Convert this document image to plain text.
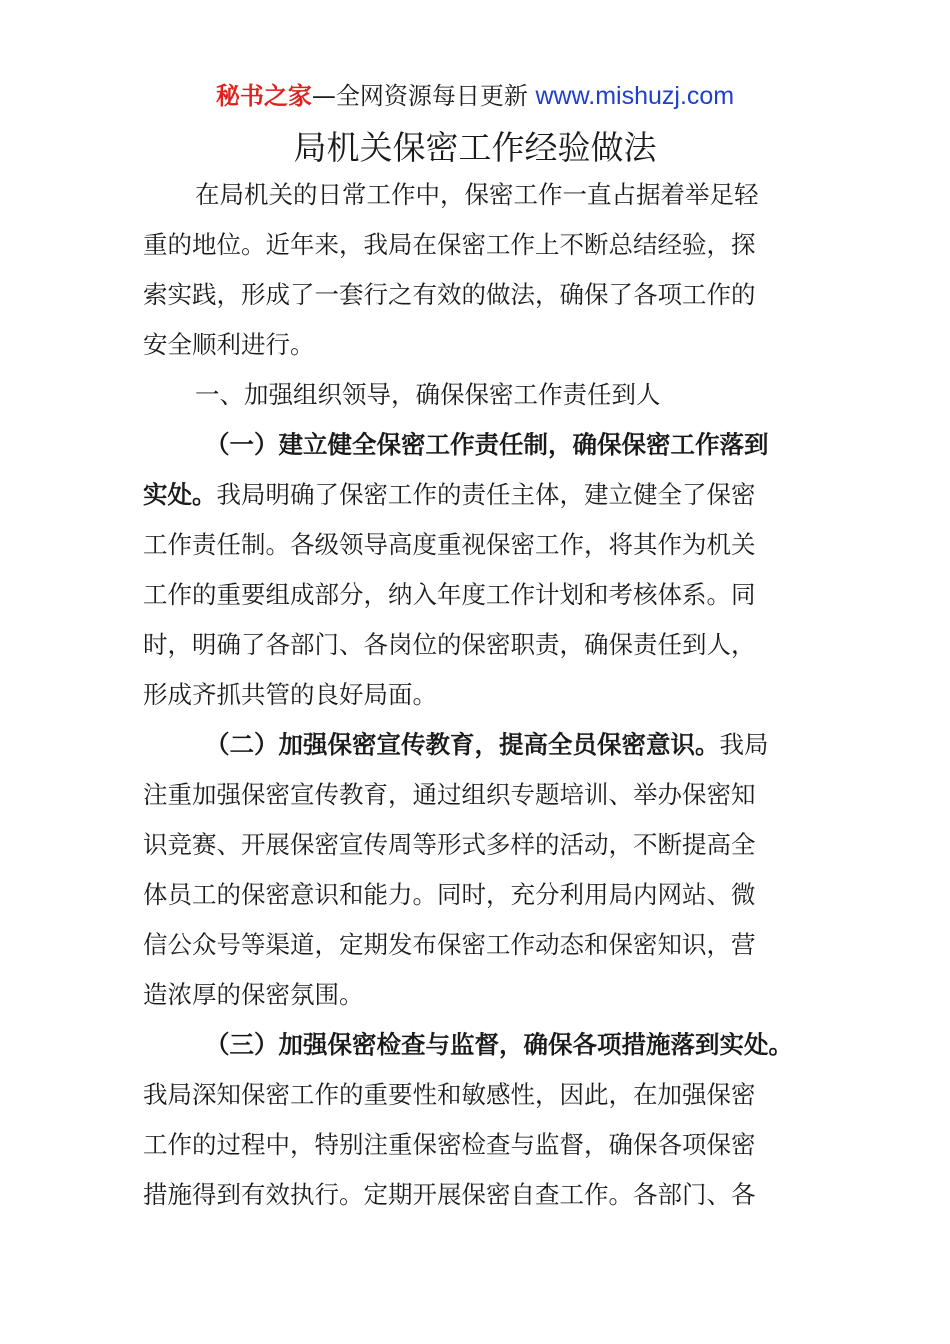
秘书之家—全网资源每日更新 www.mishuzj.com
局机关保密工作经验做法
在局机关的日常工作中，保密工作一直占据着举足轻
重的地位。近年来，我局在保密工作上不断总结经验，探
索实践，形成了一套行之有效的做法，确保了各项工作的
安全顺利进行。
一、加强组织领导，确保保密工作责任到人
（一）建立健全保密工作责任制，确保保密工作落到
实处。我局明确了保密工作的责任主体，建立健全了保密
工作责任制。各级领导高度重视保密工作，将其作为机关
工作的重要组成部分，纳入年度工作计划和考核体系。同
时，明确了各部门、各岗位的保密职责，确保责任到人，
形成齐抓共管的良好局面。
（二）加强保密宣传教育，提高全员保密意识。我局
注重加强保密宣传教育，通过组织专题培训、举办保密知
识竞赛、开展保密宣传周等形式多样的活动，不断提高全
体员工的保密意识和能力。同时，充分利用局内网站、微
信公众号等渠道，定期发布保密工作动态和保密知识，营
造浓厚的保密氛围。
（三）加强保密检查与监督，确保各项措施落到实处。
我局深知保密工作的重要性和敏感性，因此，在加强保密
工作的过程中，特别注重保密检查与监督，确保各项保密
措施得到有效执行。定期开展保密自查工作。各部门、各
